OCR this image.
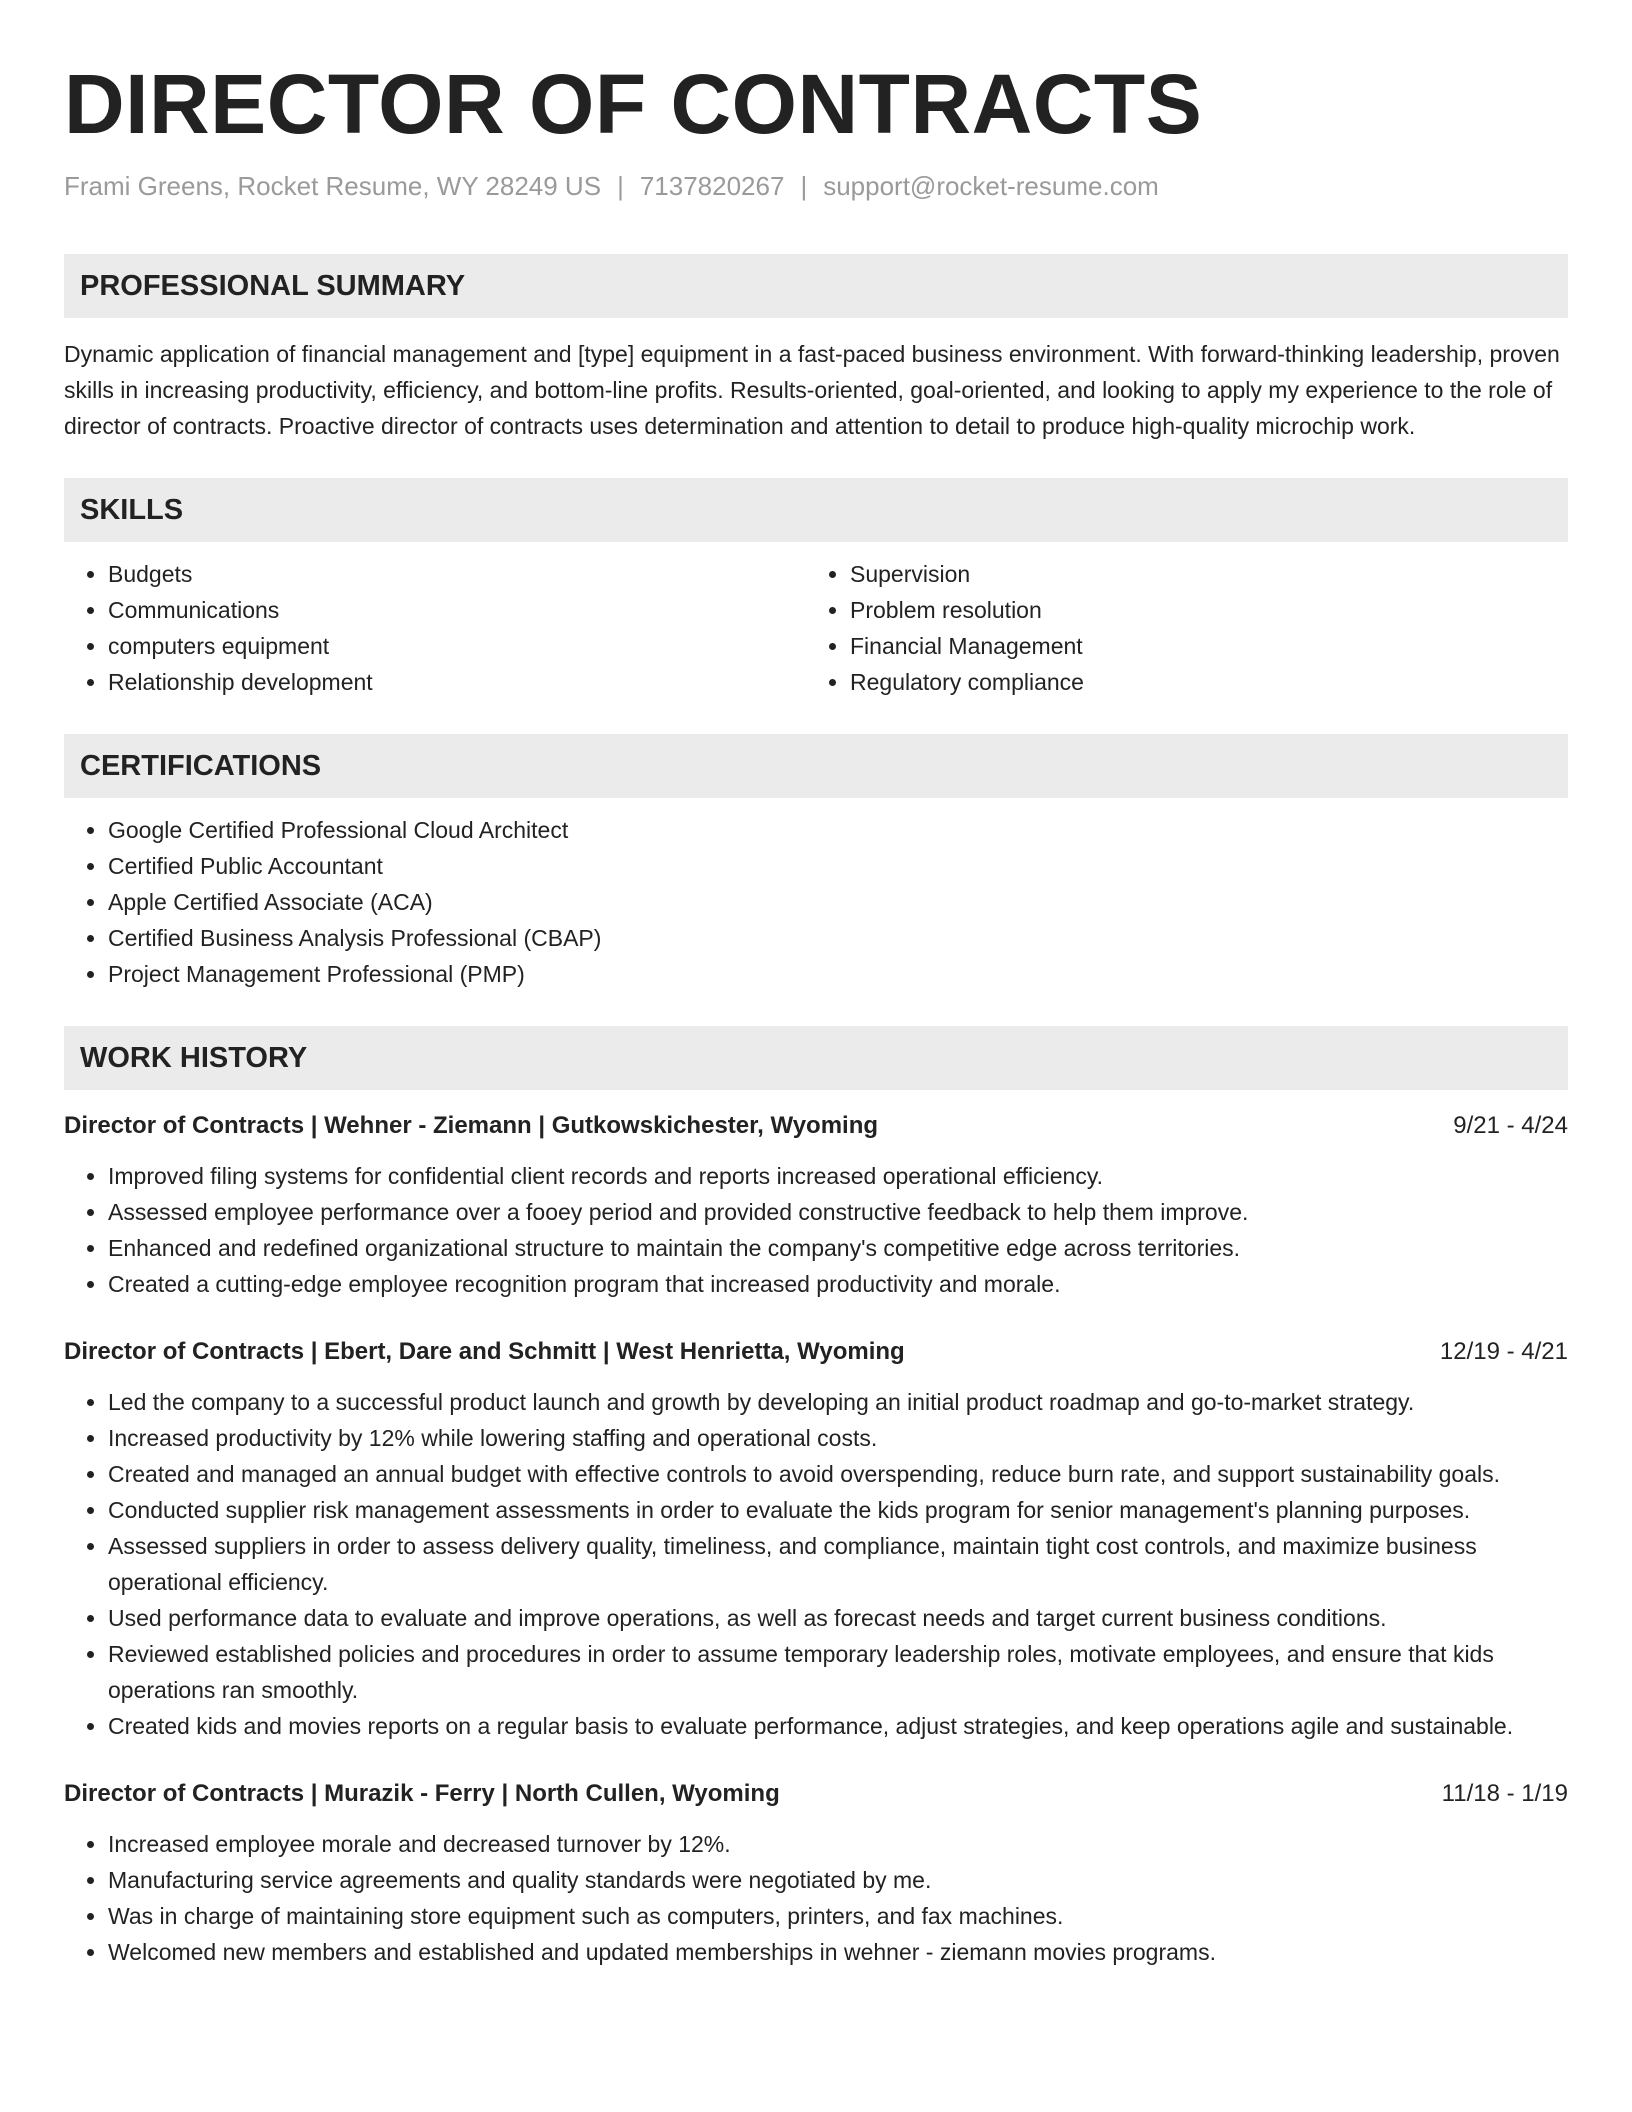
DIRECTOR OF CONTRACTS
Frami Greens, Rocket Resume, WY 28249 US | 7137820267 | support@rocket-resume.com
PROFESSIONAL SUMMARY

Dynamic application of financial management and [type] equipment in a fast-paced business environment. With forward-thinking leadership, proven skills in increasing productivity, efficiency, and bottom-line profits. Results-oriented, goal-oriented, and looking to apply my experience to the role of director of contracts. Proactive director of contracts uses determination and attention to detail to produce high-quality microchip work.

SKILLS
• Budgets
• Communications
• computers equipment
• Relationship development
• Supervision
• Problem resolution
• Financial Management
• Regulatory compliance
CERTIFICATIONS
• Google Certified Professional Cloud Architect
• Certified Public Accountant
• Apple Certified Associate (ACA)
• Certified Business Analysis Professional (CBAP)
• Project Management Professional (PMP)
WORK HISTORY
Director of Contracts | Wehner - Ziemann | Gutkowskichester, Wyoming	9/21 - 4/24
• Improved filing systems for confidential client records and reports increased operational efficiency.
• Assessed employee performance over a fooey period and provided constructive feedback to help them improve.
• Enhanced and redefined organizational structure to maintain the company's competitive edge across territories.
• Created a cutting-edge employee recognition program that increased productivity and morale.
Director of Contracts | Ebert, Dare and Schmitt | West Henrietta, Wyoming	12/19 - 4/21
• Led the company to a successful product launch and growth by developing an initial product roadmap and go-to-market strategy.
• Increased productivity by 12% while lowering staffing and operational costs.
• Created and managed an annual budget with effective controls to avoid overspending, reduce burn rate, and support sustainability goals.
• Conducted supplier risk management assessments in order to evaluate the kids program for senior management's planning purposes.
• Assessed suppliers in order to assess delivery quality, timeliness, and compliance, maintain tight cost controls, and maximize business operational efficiency.
• Used performance data to evaluate and improve operations, as well as forecast needs and target current business conditions.
• Reviewed established policies and procedures in order to assume temporary leadership roles, motivate employees, and ensure that kids operations ran smoothly.
• Created kids and movies reports on a regular basis to evaluate performance, adjust strategies, and keep operations agile and sustainable.
Director of Contracts | Murazik - Ferry | North Cullen, Wyoming	11/18 - 1/19
• Increased employee morale and decreased turnover by 12%.
• Manufacturing service agreements and quality standards were negotiated by me.
• Was in charge of maintaining store equipment such as computers, printers, and fax machines.
• Welcomed new members and established and updated memberships in wehner - ziemann movies programs.
